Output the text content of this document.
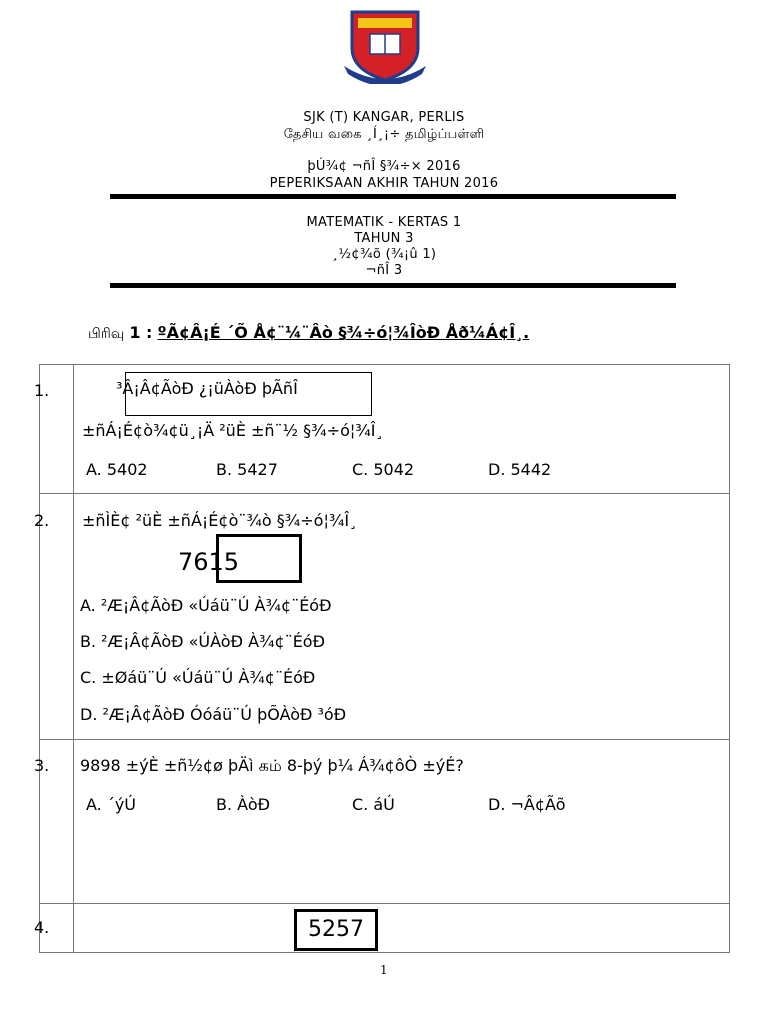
SJK (T) KANGAR, PERLIS
தேசிய வகை ¸Í¸¡÷ தமிழ்ப்பள்ளி
þÚ¾¢ ¬ñÎ §¾÷× 2016
PEPERIKSAAN AKHIR TAHUN 2016
MATEMATIK - KERTAS 1
TAHUN 3
¸½¢¾õ (¾¡û 1)
¬ñÎ 3
பிரிவு 1 : ºÃ¢Â¡É ´Õ Å¢¨¼¨Âò §¾÷ó¦¾ÎòÐ Åð¼Á¢Î¸.
1.	³Â¡Â¢ÃòÐ ¿¡üÀòÐ þÃñÎ
±ñÁ¡É¢ò¾¢ü¸¡Ä ²üÈ ±ñ¨½ §¾÷ó¦¾Î¸
A. 5402	B. 5427	C. 5042	D. 5442
2. ±ñÌÈ¢ ²üÈ ±ñÁ¡É¢ò¨¾ò §¾÷ó¦¾Î¸
7615
A. ²Æ¡Â¢ÃòÐ «Úáü¨Ú À¾¢¨ÉóÐ
B. ²Æ¡Â¢ÃòÐ «ÚÀòÐ À¾¢¨ÉóÐ
C. ±Øáü¨Ú «Úáü¨Ú À¾¢¨ÉóÐ
D. ²Æ¡Â¢ÃòÐ Óóáü¨Ú þÕÀòÐ ³óÐ
3. 9898 ±ýÈ ±ñ½¢ø þÄì கம் 8-þý þ¼ Á¾¢ôÒ ±ýÉ?
A. ´ýÚ	B. ÀòÐ	C. áÚ	D. ¬Â¢Ãõ
4.	5257
1
